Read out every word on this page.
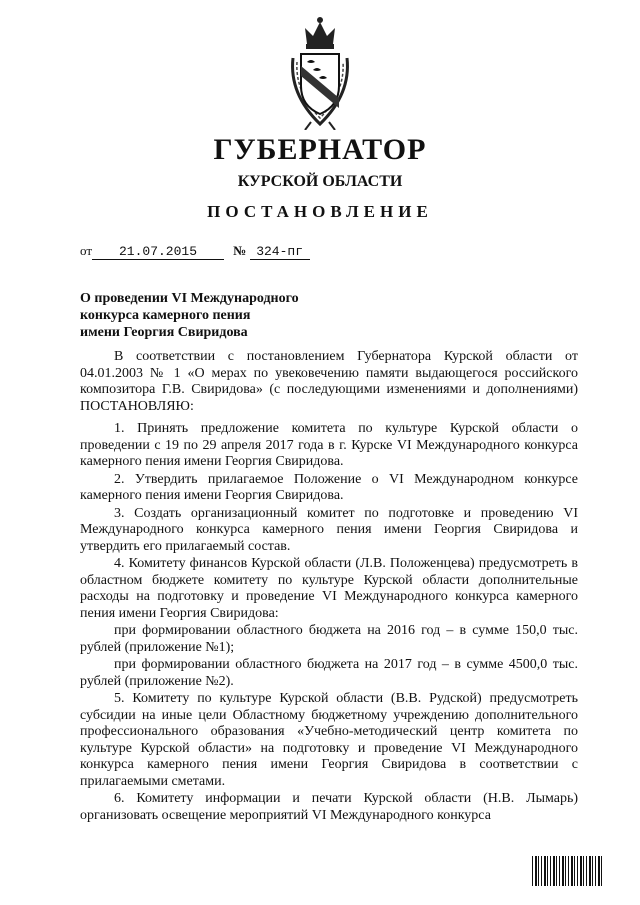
ГУБЕРНАТОР
КУРСКОЙ ОБЛАСТИ
ПОСТАНОВЛЕНИЕ
от 21.07.2015	№ 324-пг
О проведении VI Международного
конкурса камерного пения
имени Георгия Свиридова

В соответствии с постановлением Губернатора Курской области от 04.01.2003 № 1 «О мерах по увековечению памяти выдающегося российского композитора Г.В. Свиридова» (с последующими изменениями и дополнениями) ПОСТАНОВЛЯЮ:

1. Принять предложение комитета по культуре Курской области о проведении с 19 по 29 апреля 2017 года в г. Курске VI Международного конкурса камерного пения имени Георгия Свиридова.

2. Утвердить прилагаемое Положение о VI Международном конкурсе камерного пения имени Георгия Свиридова.

3. Создать организационный комитет по подготовке и проведению VI Международного конкурса камерного пения имени Георгия Свиридова и утвердить его прилагаемый состав.

4. Комитету финансов Курской области (Л.В. Положенцева) предусмотреть в областном бюджете комитету по культуре Курской области дополнительные расходы на подготовку и проведение VI Международного конкурса камерного пения имени Георгия Свиридова:

при формировании областного бюджета на 2016 год – в сумме 150,0 тыс. рублей (приложение №1);

при формировании областного бюджета на 2017 год – в сумме 4500,0 тыс. рублей (приложение №2).

5. Комитету по культуре Курской области (В.В. Рудской) предусмотреть субсидии на иные цели Областному бюджетному учреждению дополнительного профессионального образования «Учебно-методический центр комитета по культуре Курской области» на подготовку и проведение VI Международного конкурса камерного пения имени Георгия Свиридова в соответствии с прилагаемыми сметами.

6. Комитету информации и печати Курской области (Н.В. Лымарь) организовать освещение мероприятий VI Международного конкурса
